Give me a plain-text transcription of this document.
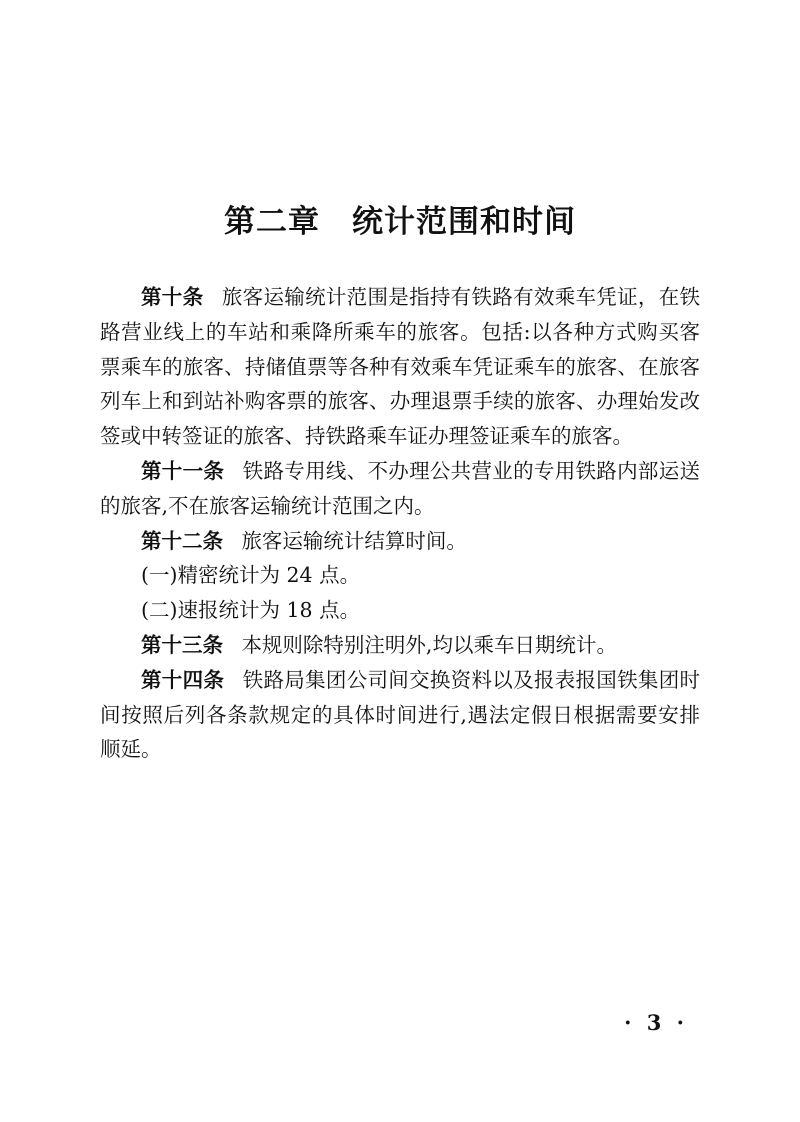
第二章　统计范围和时间

第十条 旅客运输统计范围是指持有铁路有效乘车凭证，在铁路营业线上的车站和乘降所乘车的旅客。包括:以各种方式购买客票乘车的旅客、持储值票等各种有效乘车凭证乘车的旅客、在旅客列车上和到站补购客票的旅客、办理退票手续的旅客、办理始发改签或中转签证的旅客、持铁路乘车证办理签证乘车的旅客。

第十一条 铁路专用线、不办理公共营业的专用铁路内部运送的旅客,不在旅客运输统计范围之内。

第十二条 旅客运输统计结算时间。

(一)精密统计为 24 点。

(二)速报统计为 18 点。

第十三条 本规则除特别注明外,均以乘车日期统计。

第十四条 铁路局集团公司间交换资料以及报表报国铁集团时间按照后列各条款规定的具体时间进行,遇法定假日根据需要安排顺延。

· 3 ·
